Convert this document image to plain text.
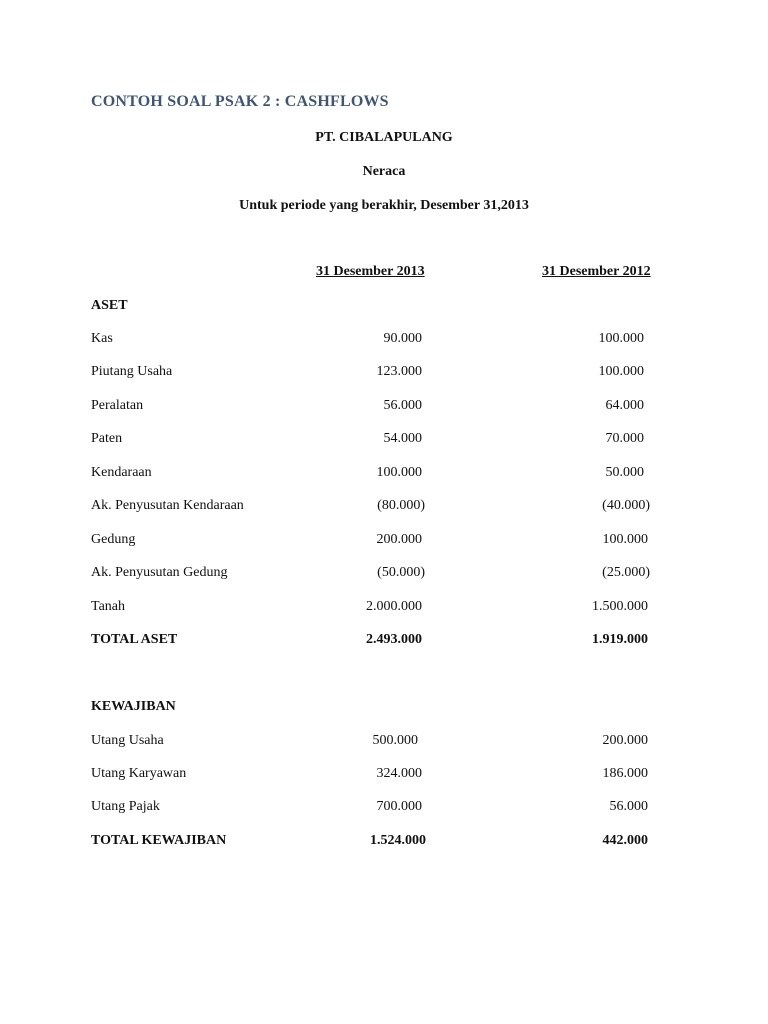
CONTOH SOAL PSAK 2 : CASHFLOWS
PT. CIBALAPULANG
Neraca
Untuk periode yang berakhir, Desember 31,2013
31 Desember 2013	31 Desember 2012
ASET
Kas	90.000	100.000
Piutang Usaha	123.000	100.000
Peralatan	56.000	64.000
Paten	54.000	70.000
Kendaraan	100.000	50.000
Ak. Penyusutan Kendaraan	(80.000)	(40.000)
Gedung	200.000	100.000
Ak. Penyusutan Gedung	(50.000)	(25.000)
Tanah	2.000.000	1.500.000
TOTAL ASET	2.493.000	1.919.000
KEWAJIBAN
Utang Usaha	500.000	200.000
Utang Karyawan	324.000	186.000
Utang Pajak	700.000	56.000
TOTAL KEWAJIBAN	1.524.000	442.000
